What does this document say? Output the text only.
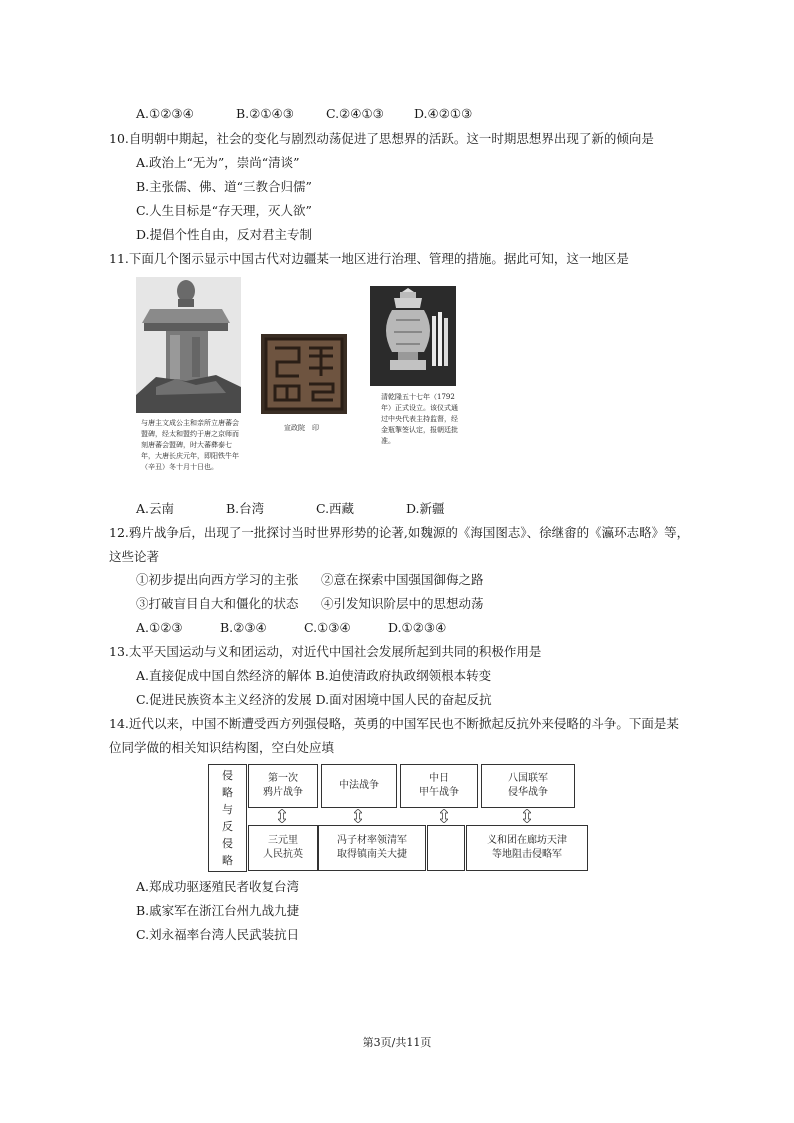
A.①②③④	B.②①④③	C.②④①③ D.④②①③
10.自明朝中期起，社会的变化与剧烈动荡促进了思想界的活跃。这一时期思想界出现了新的倾向是
A.政治上“无为”，崇尚“清谈”
B.主张儒、佛、道“三教合归儒”
C.人生目标是“存天理，灭人欲”
D.提倡个性自由，反对君主专制
11.下面几个图示显示中国古代对边疆某一地区进行治理、管理的措施。据此可知，这一地区是
与唐主文成公主和亲所立唐蕃会盟碑，经太和盟约于唐之京师而刻唐蕃会盟碑，时大蕃彝泰七年，大唐长庆元年，即阳铁牛年（辛丑）冬十月十日也。
宣政院　印
清乾隆五十七年（1792年）正式设立。该仪式通过中央代表主持监督，经金瓶掣签认定，报朝廷批准。
A.云南	B.台湾	C.西藏	D.新疆
12.鸦片战争后，出现了一批探讨当时世界形势的论著,如魏源的《海国图志》、徐继畬的《瀛环志略》等，
这些论著
①初步提出向西方学习的主张 ②意在探索中国强国御侮之路
③打破盲目自大和僵化的状态 ④引发知识阶层中的思想动荡
A.①②③	B.②③④	C.①③④	D.①②③④
13.太平天国运动与义和团运动，对近代中国社会发展所起到共同的积极作用是
A.直接促成中国自然经济的解体 B.迫使清政府执政纲领根本转变
C.促进民族资本主义经济的发展 D.面对困境中国人民的奋起反抗
14.近代以来，中国不断遭受西方列强侵略，英勇的中国军民也不断掀起反抗外来侵略的斗争。下面是某
位同学做的相关知识结构图，空白处应填
侵略与反侵略
第一次
鸦片战争
中法战争
中日
甲午战争
八国联军
侵华战争
三元里
人民抗英
冯子材率领清军
取得镇南关大捷
义和团在廊坊天津
等地阻击侵略军
A.郑成功驱逐殖民者收复台湾
B.戚家军在浙江台州九战九捷
C.刘永福率台湾人民武装抗日
第3页/共11页
